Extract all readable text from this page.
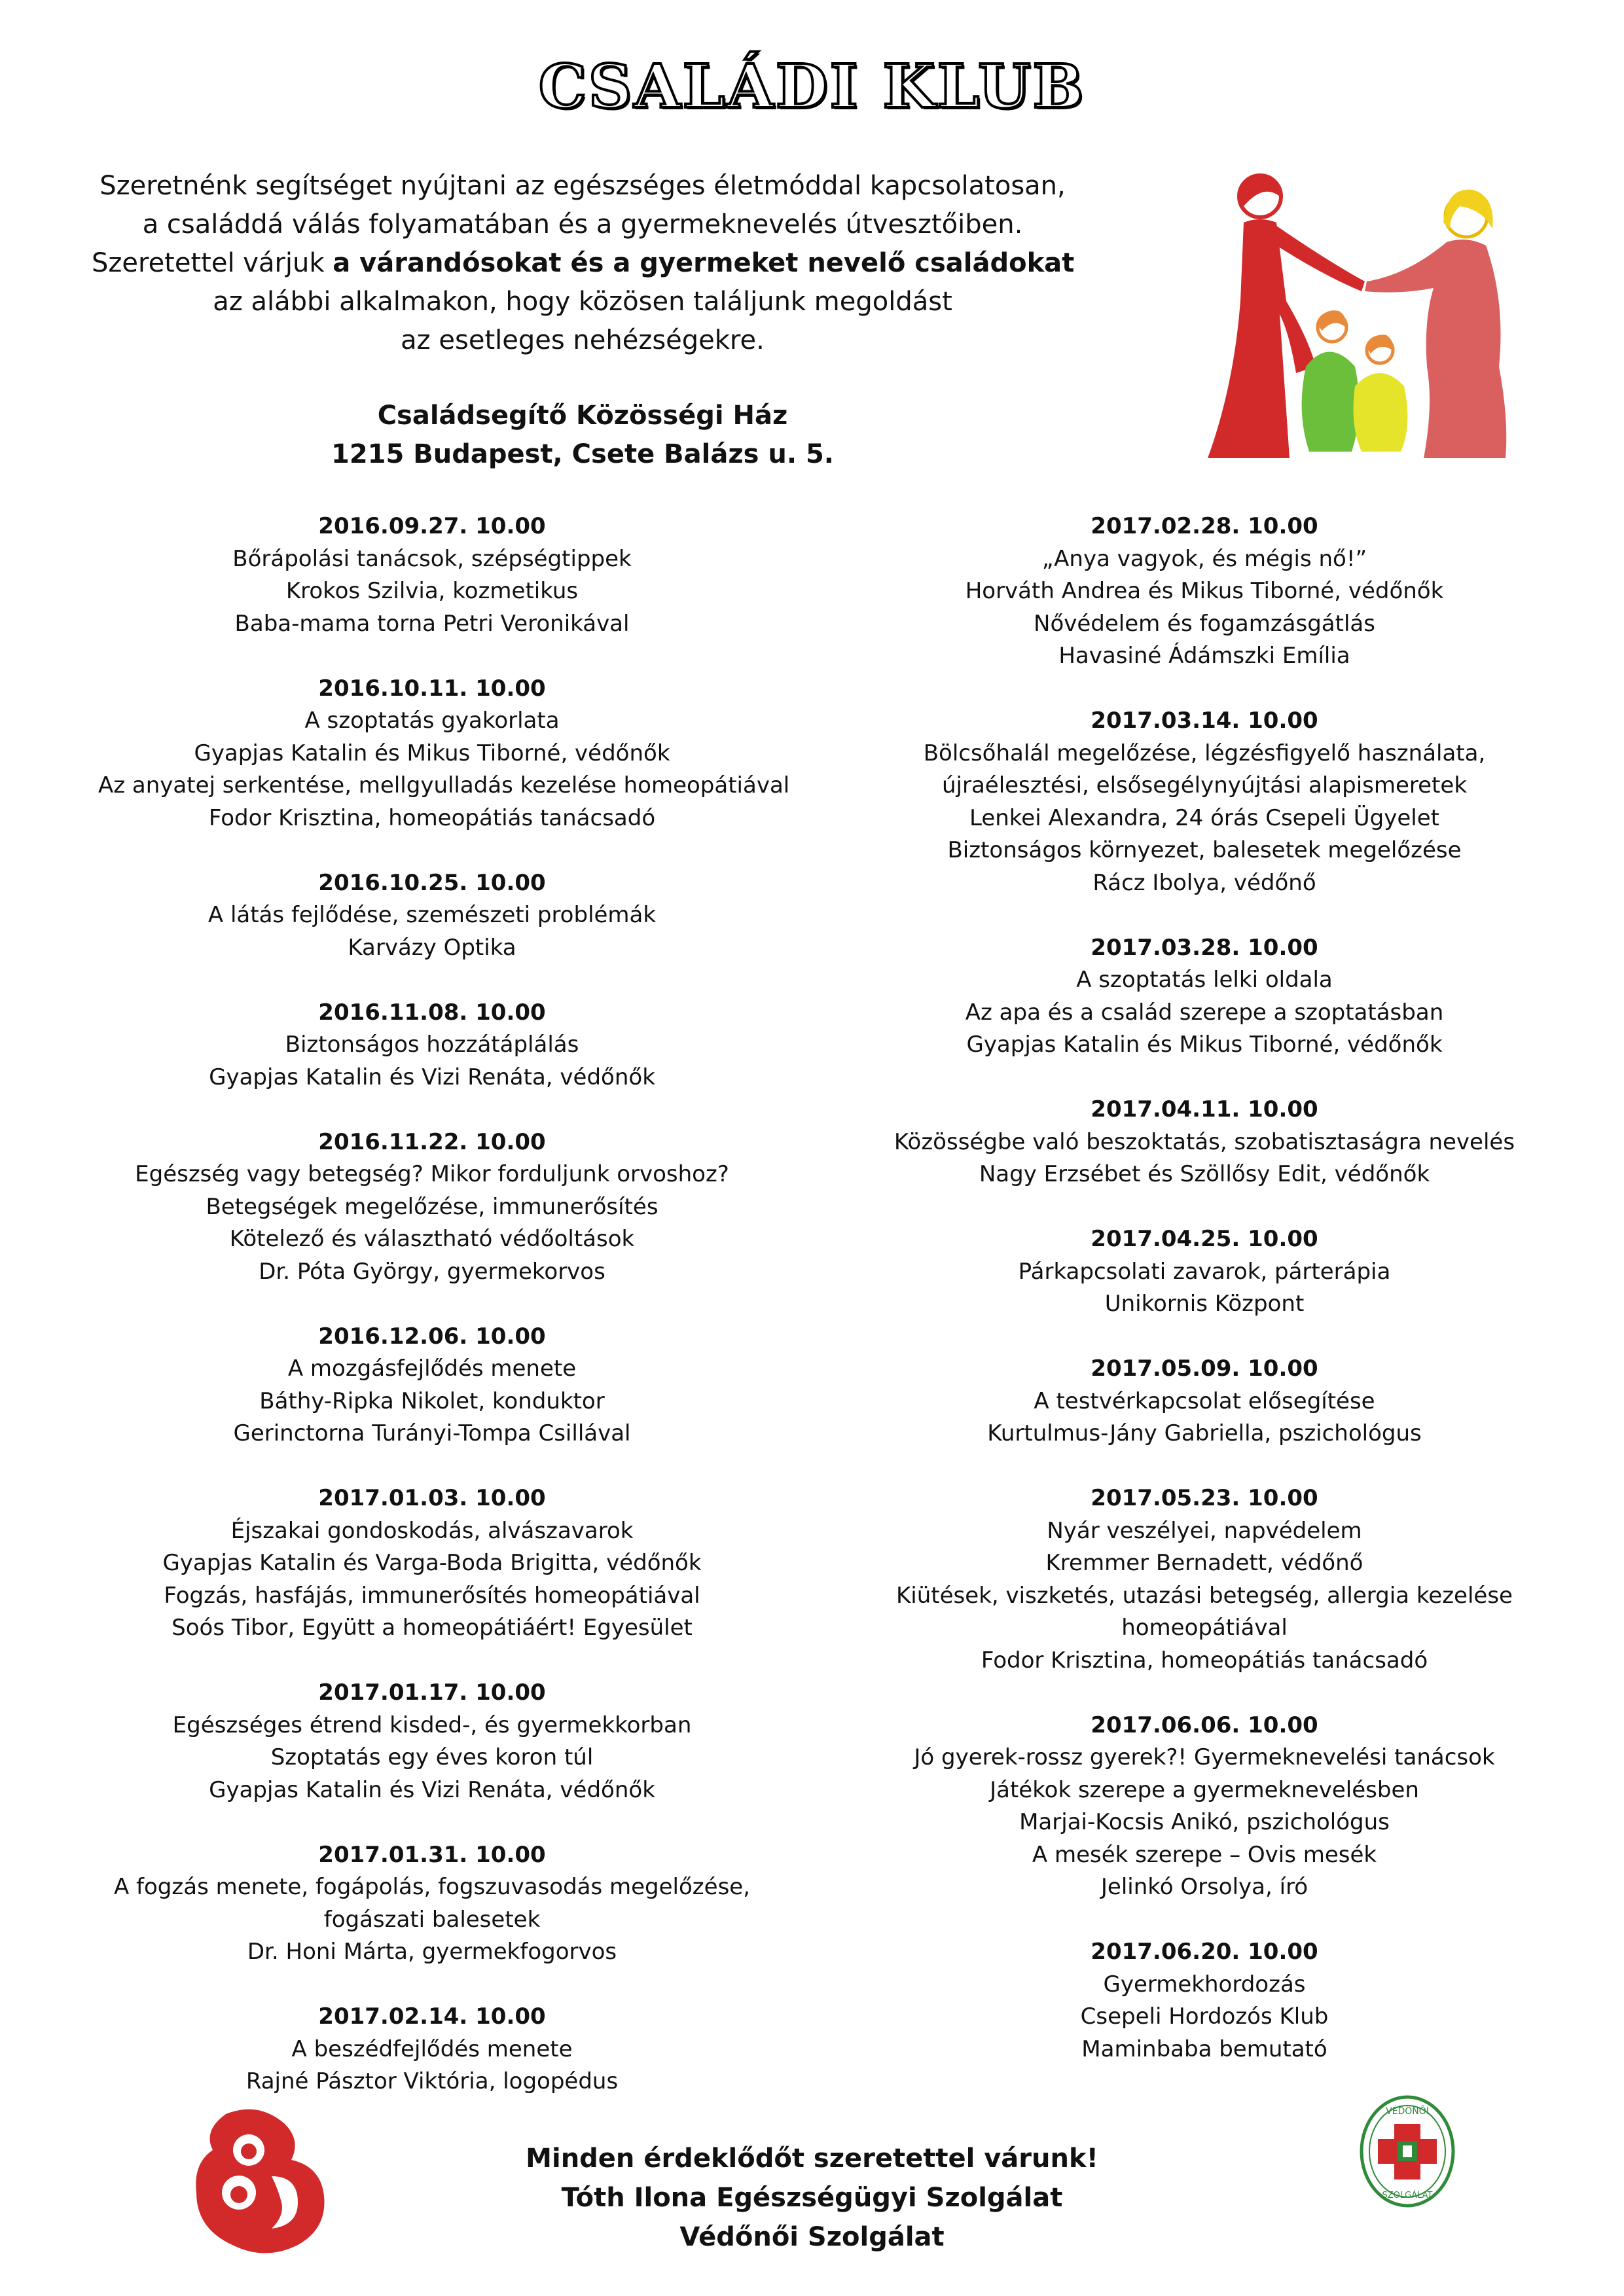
CSALÁDI KLUB
Szeretnénk segítséget nyújtani az egészséges életmóddal kapcsolatosan,
a családdá válás folyamatában és a gyermeknevelés útvesztőiben.
Szeretettel várjuk a várandósokat és a gyermeket nevelő családokat
az alábbi alkalmakon, hogy közösen találjunk megoldást
az esetleges nehézségekre.
Családsegítő Közösségi Ház
1215 Budapest, Csete Balázs u. 5.
2016.09.27. 10.00
Bőrápolási tanácsok, szépségtippek
Krokos Szilvia, kozmetikus
Baba-mama torna Petri Veronikával
2016.10.11. 10.00
A szoptatás gyakorlata
Gyapjas Katalin és Mikus Tiborné, védőnők
Az anyatej serkentése, mellgyulladás kezelése homeopátiával
Fodor Krisztina, homeopátiás tanácsadó
2016.10.25. 10.00
A látás fejlődése, szemészeti problémák
Karvázy Optika
2016.11.08. 10.00
Biztonságos hozzátáplálás
Gyapjas Katalin és Vizi Renáta, védőnők
2016.11.22. 10.00
Egészség vagy betegség? Mikor forduljunk orvoshoz?
Betegségek megelőzése, immunerősítés
Kötelező és választható védőoltások
Dr. Póta György, gyermekorvos
2016.12.06. 10.00
A mozgásfejlődés menete
Báthy-Ripka Nikolet, konduktor
Gerinctorna Turányi-Tompa Csillával
2017.01.03. 10.00
Éjszakai gondoskodás, alvászavarok
Gyapjas Katalin és Varga-Boda Brigitta, védőnők
Fogzás, hasfájás, immunerősítés homeopátiával
Soós Tibor, Együtt a homeopátiáért! Egyesület
2017.01.17. 10.00
Egészséges étrend kisded-, és gyermekkorban
Szoptatás egy éves koron túl
Gyapjas Katalin és Vizi Renáta, védőnők
2017.01.31. 10.00
A fogzás menete, fogápolás, fogszuvasodás megelőzése,
fogászati balesetek
Dr. Honi Márta, gyermekfogorvos
2017.02.14. 10.00
A beszédfejlődés menete
Rajné Pásztor Viktória, logopédus
2017.02.28. 10.00
„Anya vagyok, és mégis nő!”
Horváth Andrea és Mikus Tiborné, védőnők
Nővédelem és fogamzásgátlás
Havasiné Ádámszki Emília
2017.03.14. 10.00
Bölcsőhalál megelőzése, légzésfigyelő használata,
újraélesztési, elsősegélynyújtási alapismeretek
Lenkei Alexandra, 24 órás Csepeli Ügyelet
Biztonságos környezet, balesetek megelőzése
Rácz Ibolya, védőnő
2017.03.28. 10.00
A szoptatás lelki oldala
Az apa és a család szerepe a szoptatásban
Gyapjas Katalin és Mikus Tiborné, védőnők
2017.04.11. 10.00
Közösségbe való beszoktatás, szobatisztaságra nevelés
Nagy Erzsébet és Szöllősy Edit, védőnők
2017.04.25. 10.00
Párkapcsolati zavarok, párterápia
Unikornis Központ
2017.05.09. 10.00
A testvérkapcsolat elősegítése
Kurtulmus-Jány Gabriella, pszichológus
2017.05.23. 10.00
Nyár veszélyei, napvédelem
Kremmer Bernadett, védőnő
Kiütések, viszketés, utazási betegség, allergia kezelése
homeopátiával
Fodor Krisztina, homeopátiás tanácsadó
2017.06.06. 10.00
Jó gyerek-rossz gyerek?! Gyermeknevelési tanácsok
Játékok szerepe a gyermeknevelésben
Marjai-Kocsis Anikó, pszichológus
A mesék szerepe – Ovis mesék
Jelinkó Orsolya, író
2017.06.20. 10.00
Gyermekhordozás
Csepeli Hordozós Klub
Maminbaba bemutató
Minden érdeklődőt szeretettel várunk!
Tóth Ilona Egészségügyi Szolgálat
Védőnői Szolgálat
VÉDŐNŐI
SZOLGÁLAT
